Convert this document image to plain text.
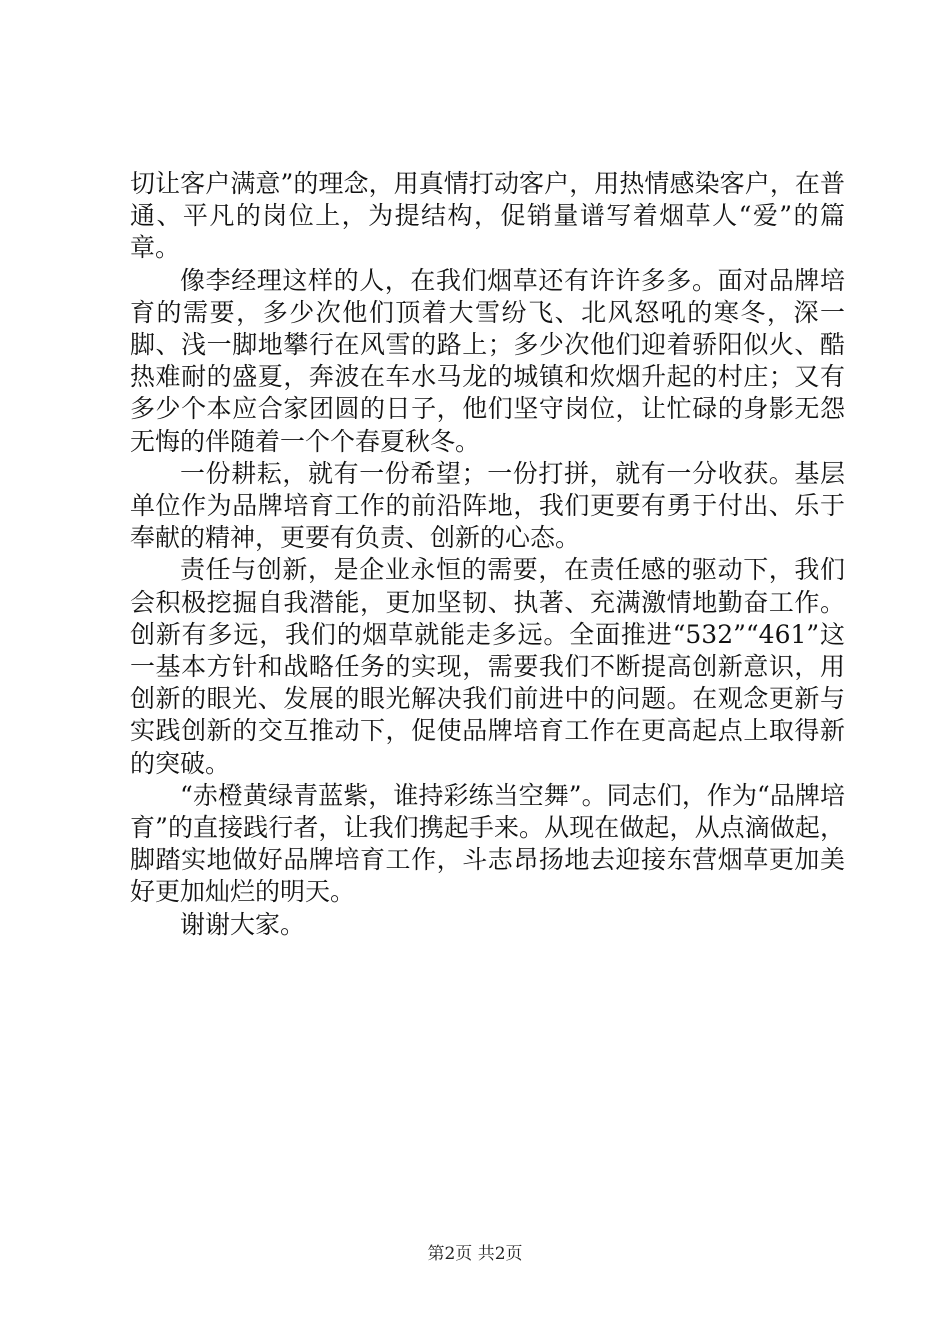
切让客户满意”的理念，用真情打动客户，用热情感染客户，在普通、平凡的岗位上，为提结构，促销量谱写着烟草人“爱”的篇章。

像李经理这样的人，在我们烟草还有许许多多。面对品牌培育的需要，多少次他们顶着大雪纷飞、北风怒吼的寒冬，深一脚、浅一脚地攀行在风雪的路上；多少次他们迎着骄阳似火、酷热难耐的盛夏，奔波在车水马龙的城镇和炊烟升起的村庄；又有多少个本应合家团圆的日子，他们坚守岗位，让忙碌的身影无怨无悔的伴随着一个个春夏秋冬。

一份耕耘，就有一份希望；一份打拼，就有一分收获。基层单位作为品牌培育工作的前沿阵地，我们更要有勇于付出、乐于奉献的精神，更要有负责、创新的心态。

责任与创新，是企业永恒的需要，在责任感的驱动下，我们会积极挖掘自我潜能，更加坚韧、执著、充满激情地勤奋工作。创新有多远，我们的烟草就能走多远。全面推进“532”“461”这一基本方针和战略任务的实现，需要我们不断提高创新意识，用创新的眼光、发展的眼光解决我们前进中的问题。在观念更新与实践创新的交互推动下，促使品牌培育工作在更高起点上取得新的突破。

“赤橙黄绿青蓝紫，谁持彩练当空舞”。同志们，作为“品牌培育”的直接践行者，让我们携起手来。从现在做起，从点滴做起，脚踏实地做好品牌培育工作，斗志昂扬地去迎接东营烟草更加美好更加灿烂的明天。

谢谢大家。

第2页 共2页
